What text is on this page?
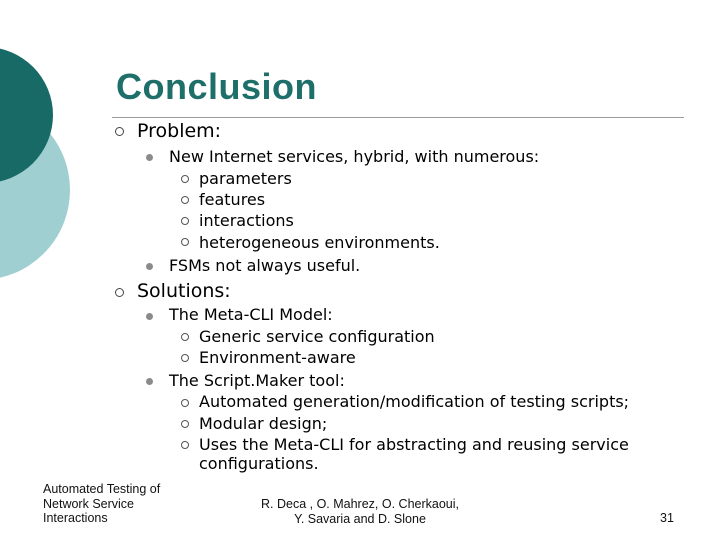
Conclusion
Problem:
New Internet services, hybrid, with numerous:
parameters
features
interactions
heterogeneous environments.
FSMs not always useful.
Solutions:
The Meta-CLI Model:
Generic service configuration
Environment-aware
The Script.Maker tool:
Automated generation/modification of testing scripts;
Modular design;
Uses the Meta-CLI for abstracting and reusing service
configurations.
Automated Testing of
Network Service
Interactions
R. Deca , O. Mahrez, O. Cherkaoui,
Y. Savaria and D. Slone	31
